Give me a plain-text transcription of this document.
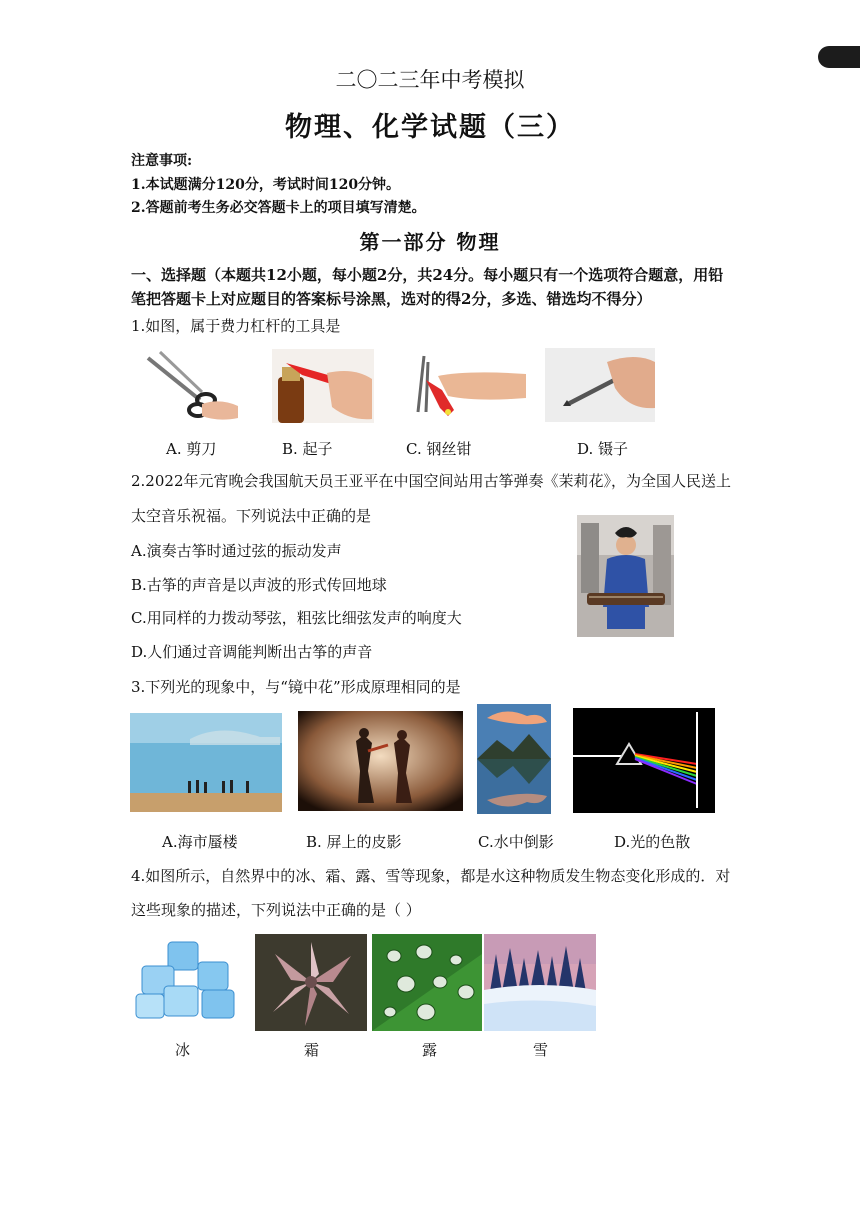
二〇二三年中考模拟
物理、化学试题（三）
注意事项:
1.本试题满分120分，考试时间120分钟。
2.答题前考生务必交答题卡上的项目填写清楚。
第一部分 物理
一、选择题（本题共12小题，每小题2分，共24分。每小题只有一个选项符合题意，用铅
笔把答题卡上对应题目的答案标号涂黑，选对的得2分，多选、错选均不得分）
1.如图，属于费力杠杆的工具是
A. 剪刀	B. 起子	C. 钢丝钳	D. 镊子
2.2022年元宵晚会我国航天员王亚平在中国空间站用古筝弹奏《茉莉花》，为全国人民送上
太空音乐祝福。下列说法中正确的是
A.演奏古筝时通过弦的振动发声
B.古筝的声音是以声波的形式传回地球
C.用同样的力拨动琴弦，粗弦比细弦发声的响度大
D.人们通过音调能判断出古筝的声音
3.下列光的现象中，与“镜中花”形成原理相同的是
A.海市蜃楼	B. 屏上的皮影	C.水中倒影	D.光的色散
4.如图所示，自然界中的冰、霜、露、雪等现象，都是水这种物质发生物态变化形成的．对
这些现象的描述，下列说法中正确的是（ ）
冰	霜	露	雪
